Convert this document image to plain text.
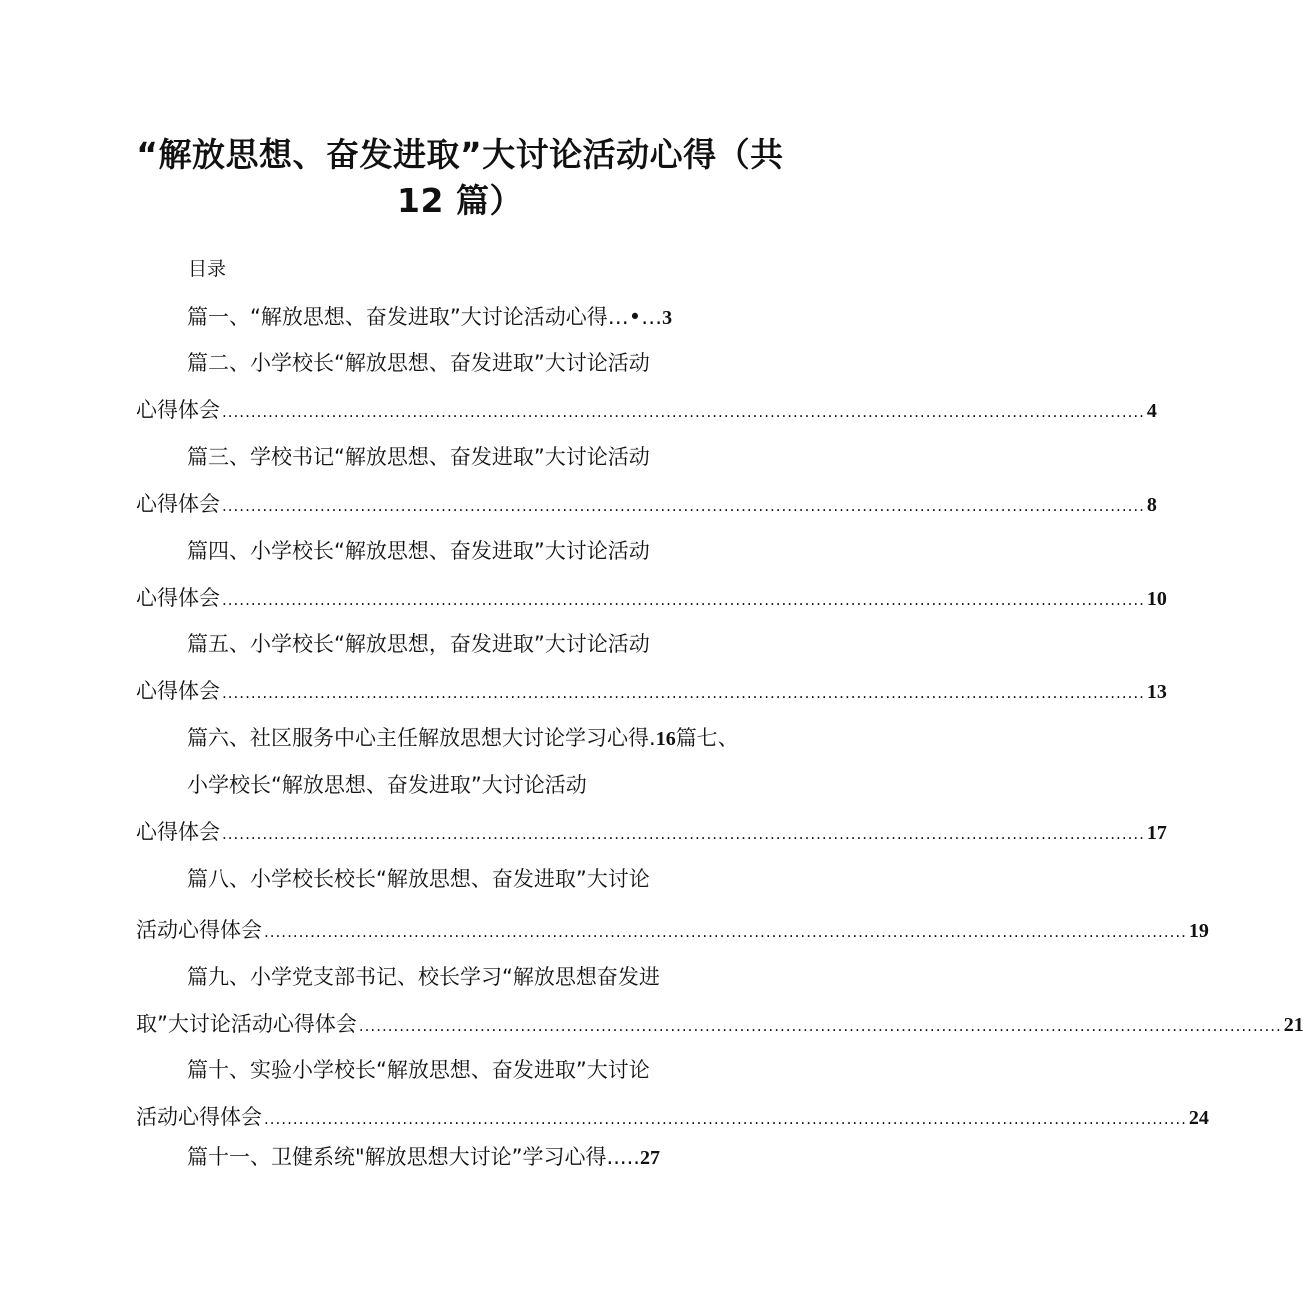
“解放思想、奋发进取”大讨论活动心得（共
12 篇）
目录
篇一、“解放思想、奋发进取”大讨论活动心得…•…3
篇二、小学校长“解放思想、奋发进取”大讨论活动
心得体会 ................................................................................................................................................................ 4
篇三、学校书记“解放思想、奋发进取”大讨论活动
心得体会 ................................................................................................................................................................ 8
篇四、小学校长“解放思想、奋发进取”大讨论活动
心得体会 ................................................................................................................................................................ 10
篇五、小学校长“解放思想，奋发进取”大讨论活动
心得体会 ................................................................................................................................................................ 13
篇六、社区服务中心主任解放思想大讨论学习心得.16篇七、
小学校长“解放思想、奋发进取”大讨论活动
心得体会 ................................................................................................................................................................ 17
篇八、小学校长校长“解放思想、奋发进取”大讨论
活动心得体会 ................................................................................................................................................................ 19
篇九、小学党支部书记、校长学习“解放思想奋发进
取”大讨论活动心得体会 ................................................................................................................................................................ 21
篇十、实验小学校长“解放思想、奋发进取”大讨论
活动心得体会 ................................................................................................................................................................ 24
篇十一、卫健系统"解放思想大讨论”学习心得.....27
